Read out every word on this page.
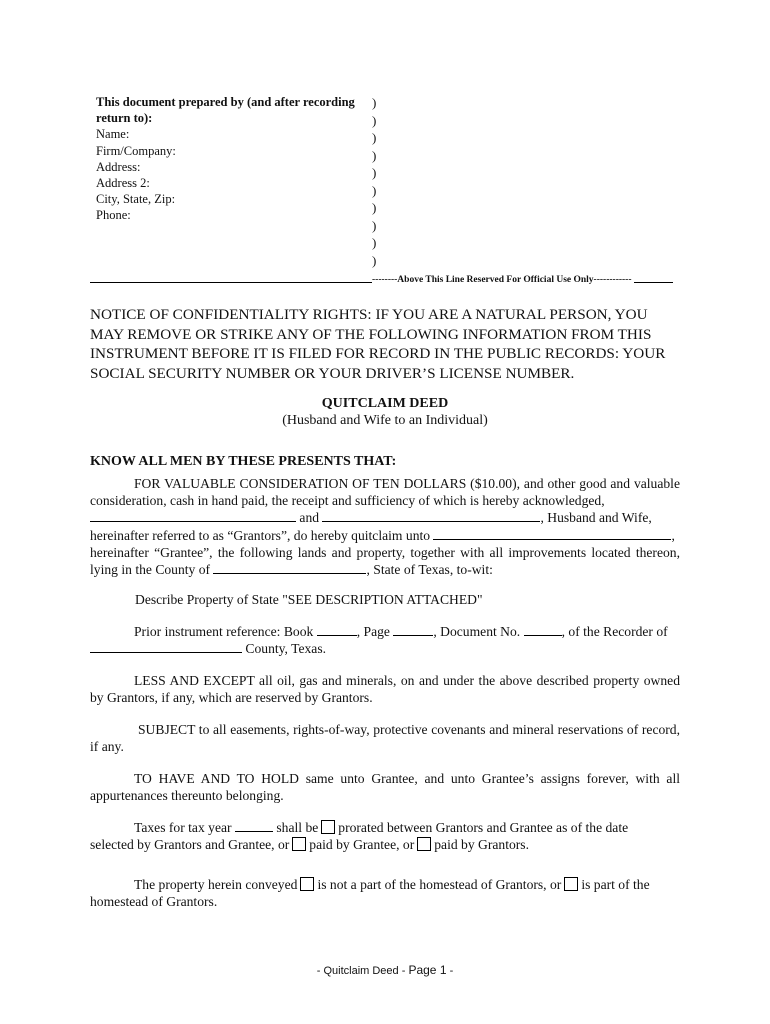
This document prepared by (and after recording
return to):
Name:
Firm/Company:
Address:
Address 2:
City, State, Zip:
Phone:
)
)
)
)
)
)
)
)
)
)
--------Above This Line Reserved For Official Use Only------------
NOTICE OF CONFIDENTIALITY RIGHTS: IF YOU ARE A NATURAL PERSON, YOU MAY REMOVE OR STRIKE ANY OF THE FOLLOWING INFORMATION FROM THIS INSTRUMENT BEFORE IT IS FILED FOR RECORD IN THE PUBLIC RECORDS: YOUR SOCIAL SECURITY NUMBER OR YOUR DRIVER’S LICENSE NUMBER.
QUITCLAIM DEED
(Husband and Wife to an Individual)
KNOW ALL MEN BY THESE PRESENTS THAT:
FOR VALUABLE CONSIDERATION OF TEN DOLLARS ($10.00), and other good and valuable consideration, cash in hand paid, the receipt and sufficiency of which is hereby acknowledged,
and	, Husband and Wife,
hereinafter referred to as “Grantors”, do hereby quitclaim unto	,
hereinafter “Grantee”, the following lands and property, together with all improvements located thereon, lying in the County of	, State of Texas, to-wit:
Describe Property of State "SEE DESCRIPTION ATTACHED"
Prior instrument reference: Book	, Page	, Document No.	, of the Recorder of
County, Texas.
LESS AND EXCEPT all oil, gas and minerals, on and under the above described property owned by Grantors, if any, which are reserved by Grantors.
SUBJECT to all easements, rights-of-way, protective covenants and mineral reservations of record, if any.
TO HAVE AND TO HOLD same unto Grantee, and unto Grantee’s assigns forever, with all appurtenances thereunto belonging.
Taxes for tax year	shall be prorated between Grantors and Grantee as of the date
selected by Grantors and Grantee, or paid by Grantee, or paid by Grantors.
The property herein conveyed is not a part of the homestead of Grantors, or is part of the
homestead of Grantors.
- Quitclaim Deed - Page 1 -
